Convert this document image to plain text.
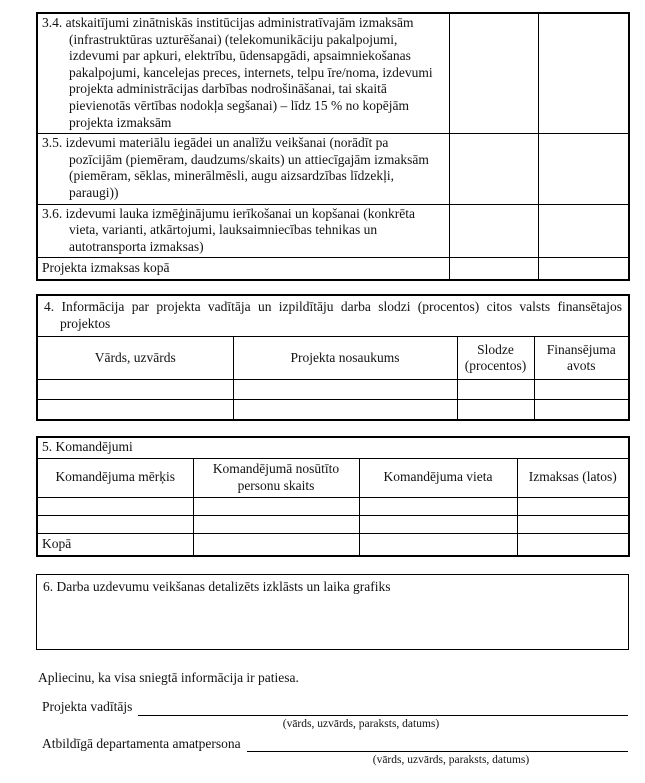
3.4. atskaitījumi zinātniskās institūcijas administratīvajām izmaksām (infrastruktūras uzturēšanai) (telekomunikāciju pakalpojumi, izdevumi par apkuri, elektrību, ūdensapgādi, apsaimniekošanas pakalpojumi, kancelejas preces, internets, telpu īre/noma, izdevumi projekta administrācijas darbības nodrošināšanai, tai skaitā pievienotās vērtības nodokļa segšanai) – līdz 15 % no kopējām projekta izmaksām		
3.5. izdevumi materiālu iegādei un analīžu veikšanai (norādīt pa pozīcijām (piemēram, daudzums/skaits) un attiecīgajām izmaksām (piemēram, sēklas, minerālmēsli, augu aizsardzības līdzekļi, paraugi))		
3.6. izdevumi lauka izmēģinājumu ierīkošanai un kopšanai (konkrēta vieta, varianti, atkārtojumi, lauksaimniecības tehnikas un autotransporta izmaksas)		
Projekta izmaksas kopā		
4. Informācija par projekta vadītāja un izpildītāju darba slodzi (procentos) citos valsts finansētajos projektos			

Vārds, uzvārds	Projekta nosaukums	Slodze (procentos)	Finansējuma avots

5. Komandējumi			
Komandējuma mērķis	Komandējumā nosūtīto personu skaits	Komandējuma vieta	Izmaksas (latos)

Kopā			
6. Darba uzdevumu veikšanas detalizēts izklāsts un laika grafiks
Apliecinu, ka visa sniegtā informācija ir patiesa.
Projekta vadītājs
(vārds, uzvārds, paraksts, datums)
Atbildīgā departamenta amatpersona
(vārds, uzvārds, paraksts, datums)
